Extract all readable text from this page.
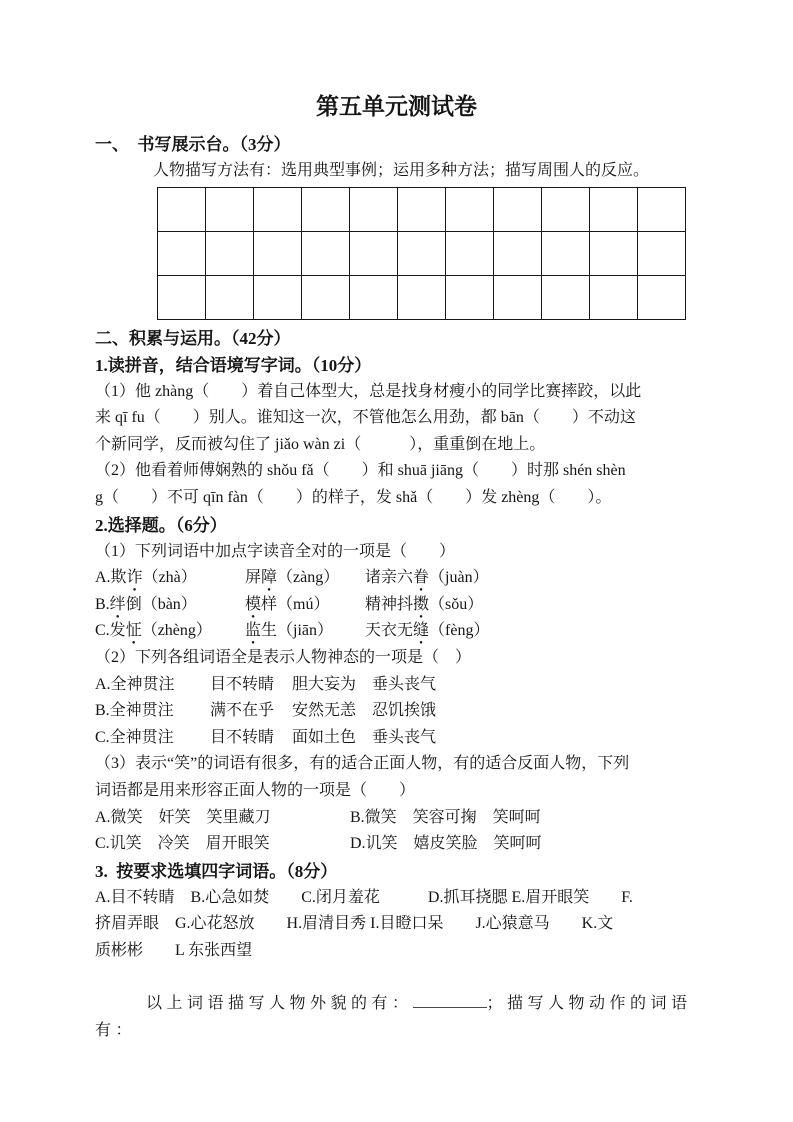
第五单元测试卷
一、　书写展示台。（3分）
人物描写方法有：选用典型事例；运用多种方法；描写周围人的反应。

二、积累与运用。（42分）
1.读拼音，结合语境写字词。（10分）
（1）他 zhàng（　　）着自己体型大，总是找身材瘦小的同学比赛摔跤，以此
来 qī fu（　　）别人。谁知这一次，不管他怎么用劲，都 bān（　　）不动这
个新同学，反而被勾住了 jiǎo wàn zi（　　　），重重倒在地上。
（2）他看着师傅娴熟的 shǒu fǎ（　　）和 shuā jiāng（　　）时那 shén shèn
g（　　）不可 qīn fàn（　　）的样子，发 shǎ（　　）发 zhèng（　　）。
2.选择题。（6分）
（1）下列词语中加点字读音全对的一项是（　　）
A.欺诈 ●（zhà）	屏障 ●（zàng）	诸亲六眷 ●（juàn）
B.绊 ●倒（bàn）	模 ●样（mú）	精神抖擞 ●（sǒu）
C.发怔 ●（zhèng）	监 ●生（jiān）	天衣无缝 ●（fèng）
（2）下列各组词语全是表示人物神态的一项是（　）
A.全神贯注	目不转睛	胆大妄为 垂头丧气
B.全神贯注	满不在乎	安然无恙 忍饥挨饿
C.全神贯注	目不转睛	面如土色 垂头丧气
（3）表示“笑”的词语有很多，有的适合正面人物，有的适合反面人物，下列
词语都是用来形容正面人物的一项是（　　）
A.微笑　奸笑　笑里藏刀	B.微笑　笑容可掬　笑呵呵
C.讥笑　冷笑　眉开眼笑	D.讥笑　嬉皮笑脸　笑呵呵
3.  按要求选填四字词语。（8分）
A.目不转睛　B.心急如焚　　C.闭月羞花　　　D.抓耳挠腮 E.眉开眼笑　　F.
挤眉弄眼　G.心花怒放　　H.眉清目秀 I.目瞪口呆　　J.心猿意马　　K.文
质彬彬　　L 东张西望

以上词语描写人物外貌的有：	；描写人物动作的词语有：
